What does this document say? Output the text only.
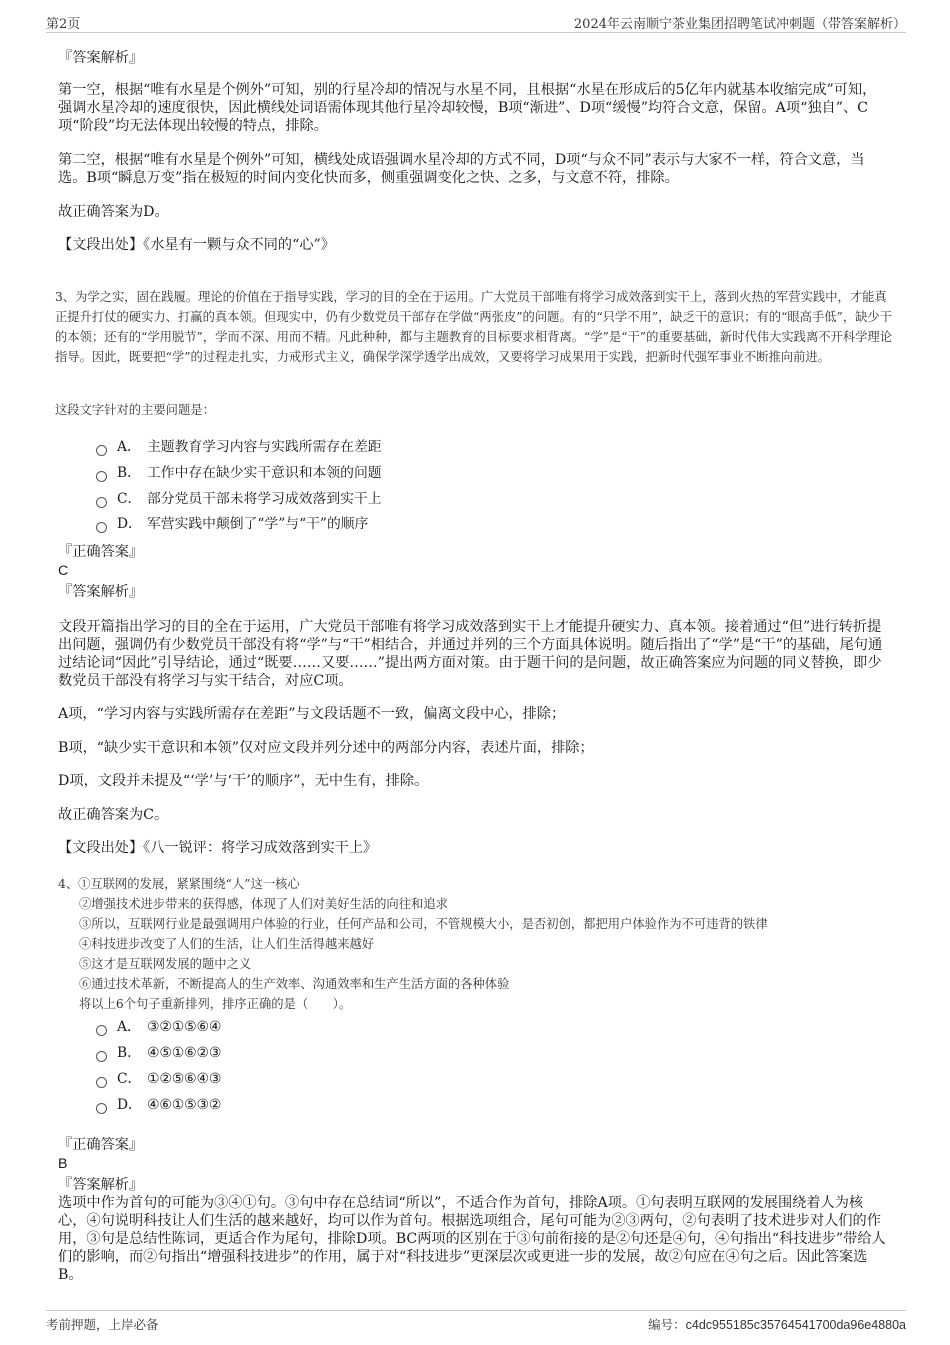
第2页	2024年云南顺宁茶业集团招聘笔试冲刺题（带答案解析）
『答案解析』
第一空，根据“唯有水星是个例外”可知，别的行星冷却的情况与水星不同，且根据“水星在形成后的5亿年内就基本收缩完成”可知，强调水星冷却的速度很快，因此横线处词语需体现其他行星冷却较慢，B项“渐进”、D项“缓慢”均符合文意，保留。A项“独自”、C项“阶段”均无法体现出较慢的特点，排除。
第二空，根据“唯有水星是个例外”可知，横线处成语强调水星冷却的方式不同，D项“与众不同”表示与大家不一样，符合文意，当选。B项“瞬息万变”指在极短的时间内变化快而多，侧重强调变化之快、之多，与文意不符，排除。
故正确答案为D。
【文段出处】《水星有一颗与众不同的“心”》
3、为学之实，固在践履。理论的价值在于指导实践，学习的目的全在于运用。广大党员干部唯有将学习成效落到实干上，落到火热的军营实践中，才能真正提升打仗的硬实力、打赢的真本领。但现实中，仍有少数党员干部存在学做“两张皮”的问题。有的“只学不用”，缺乏干的意识；有的“眼高手低”，缺少干的本领；还有的“学用脱节”，学而不深、用而不精。凡此种种，都与主题教育的目标要求相背离。“学”是“干”的重要基础，新时代伟大实践离不开科学理论指导。因此，既要把“学”的过程走扎实，力戒形式主义，确保学深学透学出成效，又要将学习成果用于实践，把新时代强军事业不断推向前进。
这段文字针对的主要问题是：
A． 主题教育学习内容与实践所需存在差距
B． 工作中存在缺少实干意识和本领的问题
C． 部分党员干部未将学习成效落到实干上
D． 军营实践中颠倒了“学”与“干”的顺序
『正确答案』
C
『答案解析』
文段开篇指出学习的目的全在于运用，广大党员干部唯有将学习成效落到实干上才能提升硬实力、真本领。接着通过“但”进行转折提出问题，强调仍有少数党员干部没有将“学”与“干”相结合，并通过并列的三个方面具体说明。随后指出了“学”是“干”的基础，尾句通过结论词“因此”引导结论，通过“既要……又要……”提出两方面对策。由于题干问的是问题，故正确答案应为问题的同义替换，即少数党员干部没有将学习与实干结合，对应C项。
A项，“学习内容与实践所需存在差距”与文段话题不一致，偏离文段中心，排除；
B项，“缺少实干意识和本领”仅对应文段并列分述中的两部分内容，表述片面，排除；
D项，文段并未提及“‘学’与‘干’的顺序”，无中生有，排除。
故正确答案为C。
【文段出处】《八一锐评：将学习成效落到实干上》
4、①互联网的发展，紧紧围绕“人”这一核心
②增强技术进步带来的获得感，体现了人们对美好生活的向往和追求
③所以，互联网行业是最强调用户体验的行业，任何产品和公司，不管规模大小，是否初创，都把用户体验作为不可违背的铁律
④科技进步改变了人们的生活，让人们生活得越来越好
⑤这才是互联网发展的题中之义
⑥通过技术革新，不断提高人的生产效率、沟通效率和生产生活方面的各种体验
将以上6个句子重新排列，排序正确的是（　　）。
A． ③②①⑤⑥④
B． ④⑤①⑥②③
C． ①②⑤⑥④③
D． ④⑥①⑤③②
『正确答案』
B
『答案解析』
选项中作为首句的可能为③④①句。③句中存在总结词“所以”，不适合作为首句，排除A项。①句表明互联网的发展围绕着人为核心，④句说明科技让人们生活的越来越好，均可以作为首句。根据选项组合，尾句可能为②③两句，②句表明了技术进步对人们的作用，③句是总结性陈词，更适合作为尾句，排除D项。BC两项的区别在于③句前衔接的是②句还是④句，④句指出“科技进步”带给人们的影响，而②句指出“增强科技进步”的作用，属于对“科技进步”更深层次或更进一步的发展，故②句应在④句之后。因此答案选B。
考前押题，上岸必备	编号：c4dc955185c35764541700da96e4880a
